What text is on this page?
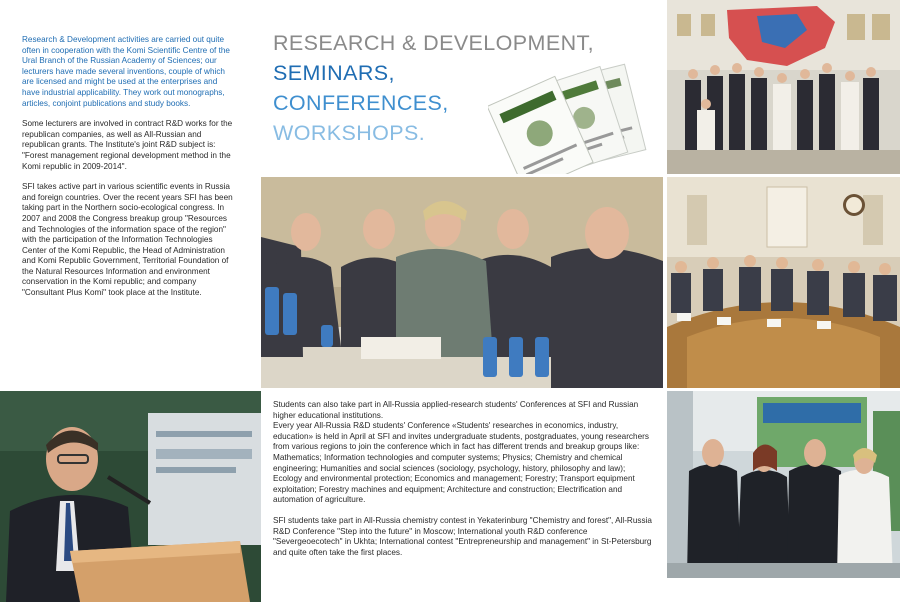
Research & Development activities are carried out quite often in cooperation with the Komi Scientific Centre of the Ural Branch of the Russian Academy of Sciences; our lecturers have made several inventions, couple of which are licensed and might be used at the enterprises and have industrial applicability. They work out monographs, articles, conjoint publications and study books.

Some lecturers are involved in contract R&D works for the republican companies, as well as All-Russian and republican grants. The Institute's joint R&D subject is: "Forest management regional development method in the Komi republic in 2009-2014".

SFI takes active part in various scientific events in Russia and foreign countries. Over the recent years SFI has been taking part in the Northern socio-ecological congress. In 2007 and 2008 the Congress breakup group "Resources and Technologies of the information space of the region" with the participation of the Information Technologies Center of the Komi Republic, the Head of Administration and Komi Republic Government, Territorial Foundation of the Natural Resources Information and environment conservation in the Komi republic; and company "Consultant Plus Komi" took place at the Institute.

RESEARCH & DEVELOPMENT,
SEMINARS,
CONFERENCES,
WORKSHOPS.

Students can also take part in All-Russia applied-research students' Conferences at SFI and Russian higher educational institutions.

Every year All-Russia R&D students' Conference «Students' researches in economics, industry, education» is held in April at SFI and invites undergraduate students, postgraduates, young researchers from various regions to join the conference which in fact has different trends and breakup groups like: Mathematics; Information technologies and computer systems; Physics; Chemistry and chemical engineering; Humanities and social sciences (sociology, psychology, history, philosophy and law); Ecology and environmental protection; Economics and management; Forestry; Transport equipment exploitation; Forestry machines and equipment; Architecture and construction; Electrification and automation of agriculture.

SFI students take part in All-Russia chemistry contest in Yekaterinburg "Chemistry and forest", All-Russia R&D Conference "Step into the future" in Moscow; International youth R&D conference "Severgeoecotech" in Ukhta; International contest "Entrepreneurship and management" in St-Petersburg and quite often take the first places.
